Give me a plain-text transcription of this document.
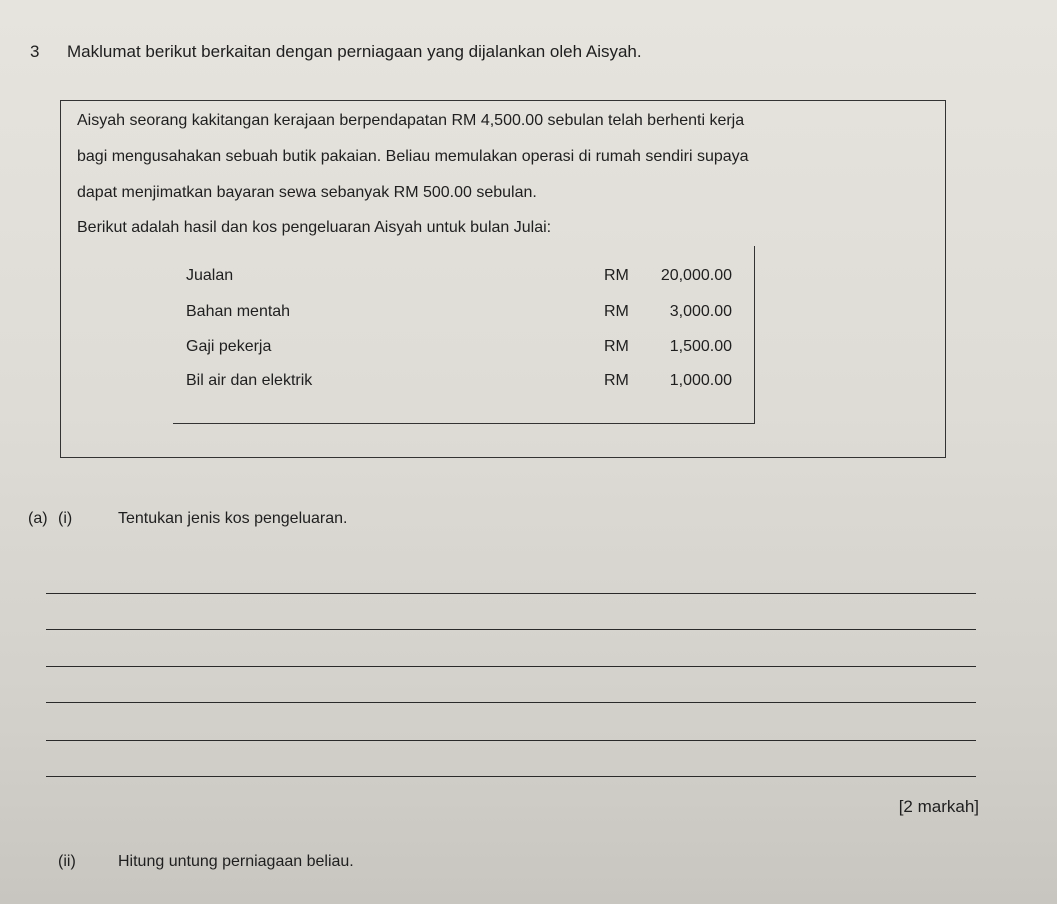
3 Maklumat berikut berkaitan dengan perniagaan yang dijalankan oleh Aisyah.
Aisyah seorang kakitangan kerajaan berpendapatan RM 4,500.00 sebulan telah berhenti kerja
bagi mengusahakan sebuah butik pakaian. Beliau memulakan operasi di rumah sendiri supaya
dapat menjimatkan bayaran sewa sebanyak RM 500.00 sebulan.
Berikut adalah hasil dan kos pengeluaran Aisyah untuk bulan Julai:
Jualan	RM 20,000.00
Bahan mentah	RM	3,000.00
Gaji pekerja	RM	1,500.00
Bil air dan elektrik	RM	1,000.00
(a) (i)	Tentukan jenis kos pengeluaran.
[2 markah]
(ii)	Hitung untung perniagaan beliau.
